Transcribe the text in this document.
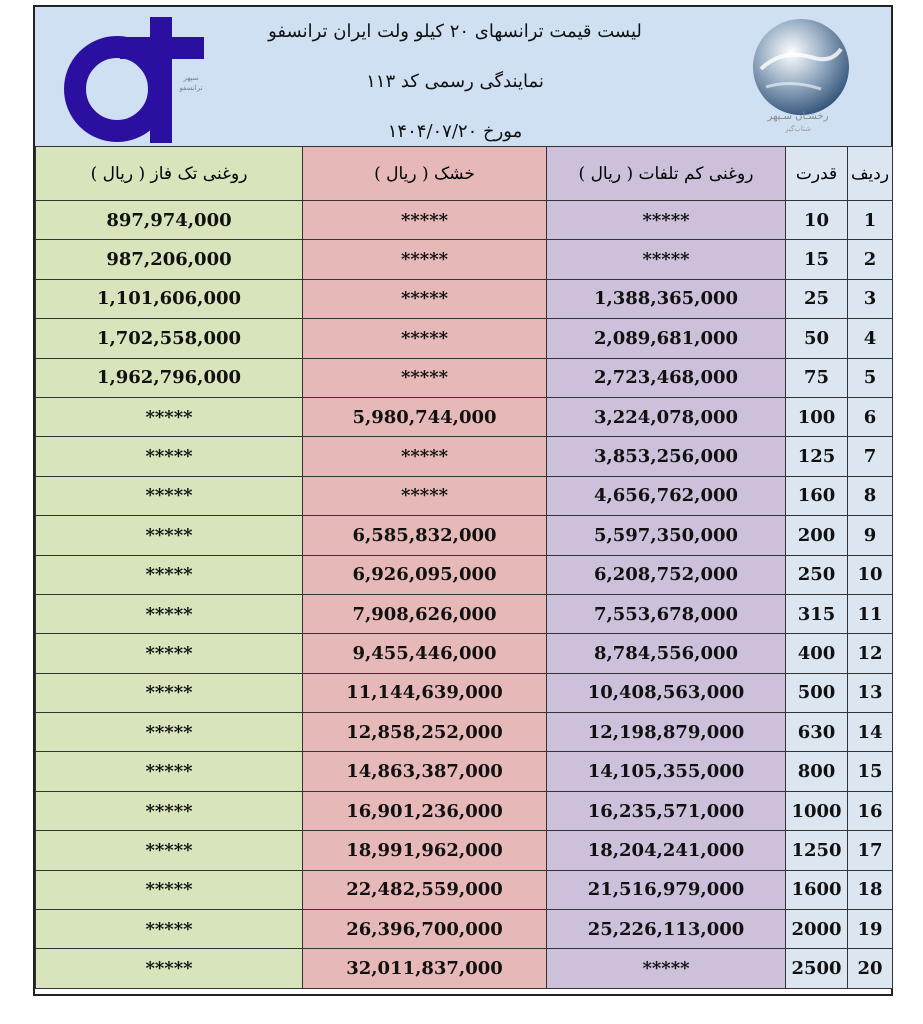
سپهر ترانسفو
رخشـان سـپهر
شتاب‌گیر
لیست قیمت ترانسهای ۲۰ کیلو ولت ایران ترانسفو
نمایندگی رسمی کد ۱۱۳
مورخ ۱۴۰۴/۰۷/۲۰
روغنی تک فاز ( ریال )	خشک ( ریال )	روغنی کم تلفات ( ریال )	قدرت	ردیف
897,974,000	*****	*****	10	1
987,206,000	*****	*****	15	2
1,101,606,000	*****	1,388,365,000	25	3
1,702,558,000	*****	2,089,681,000	50	4
1,962,796,000	*****	2,723,468,000	75	5
*****	5,980,744,000	3,224,078,000	100	6
*****	*****	3,853,256,000	125	7
*****	*****	4,656,762,000	160	8
*****	6,585,832,000	5,597,350,000	200	9
*****	6,926,095,000	6,208,752,000	250	10
*****	7,908,626,000	7,553,678,000	315	11
*****	9,455,446,000	8,784,556,000	400	12
*****	11,144,639,000	10,408,563,000	500	13
*****	12,858,252,000	12,198,879,000	630	14
*****	14,863,387,000	14,105,355,000	800	15
*****	16,901,236,000	16,235,571,000	1000	16
*****	18,991,962,000	18,204,241,000	1250	17
*****	22,482,559,000	21,516,979,000	1600	18
*****	26,396,700,000	25,226,113,000	2000	19
*****	32,011,837,000	*****	2500	20
